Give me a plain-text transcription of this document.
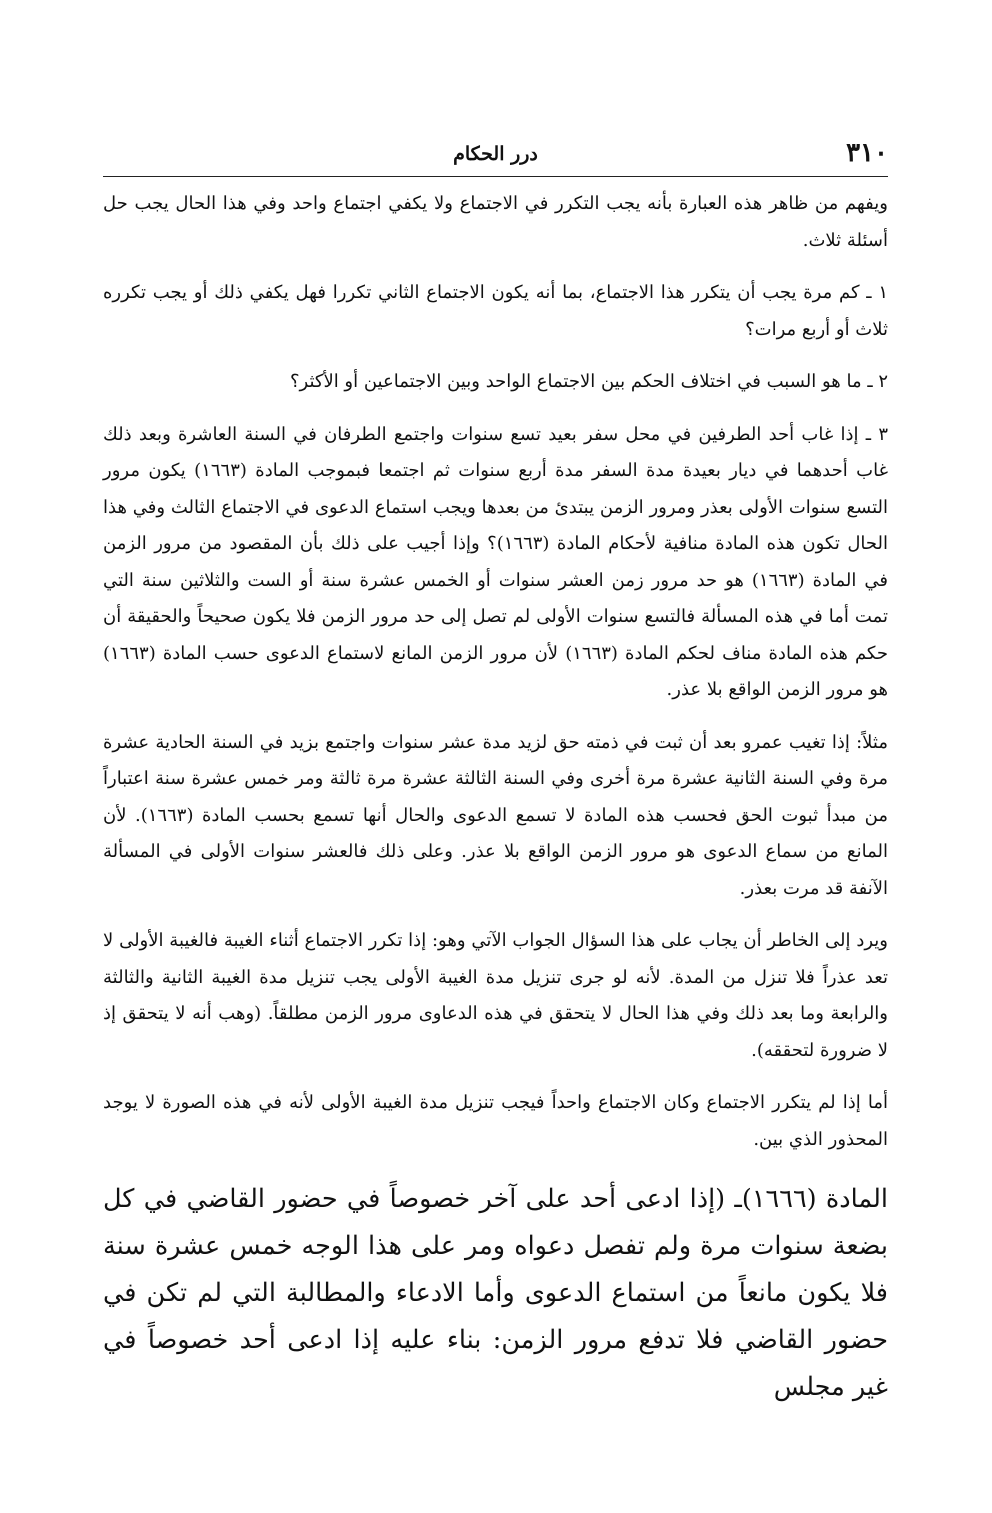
٣١٠
درر الحكام

ويفهم من ظاهر هذه العبارة بأنه يجب التكرر في الاجتماع ولا يكفي اجتماع واحد وفي هذا الحال يجب حل أسئلة ثلاث.

١ ـ كم مرة يجب أن يتكرر هذا الاجتماع، بما أنه يكون الاجتماع الثاني تكررا فهل يكفي ذلك أو يجب تكرره ثلاث أو أربع مرات؟

٢ ـ ما هو السبب في اختلاف الحكم بين الاجتماع الواحد وبين الاجتماعين أو الأكثر؟

٣ ـ إذا غاب أحد الطرفين في محل سفر بعيد تسع سنوات واجتمع الطرفان في السنة العاشرة وبعد ذلك غاب أحدهما في ديار بعيدة مدة السفر مدة أربع سنوات ثم اجتمعا فبموجب المادة (١٦٦٣) يكون مرور التسع سنوات الأولى بعذر ومرور الزمن يبتدئ من بعدها ويجب استماع الدعوى في الاجتماع الثالث وفي هذا الحال تكون هذه المادة منافية لأحكام المادة (١٦٦٣)؟ وإذا أجيب على ذلك بأن المقصود من مرور الزمن في المادة (١٦٦٣) هو حد مرور زمن العشر سنوات أو الخمس عشرة سنة أو الست والثلاثين سنة التي تمت أما في هذه المسألة فالتسع سنوات الأولى لم تصل إلى حد مرور الزمن فلا يكون صحيحاً والحقيقة أن حكم هذه المادة مناف لحكم المادة (١٦٦٣) لأن مرور الزمن المانع لاستماع الدعوى حسب المادة (١٦٦٣) هو مرور الزمن الواقع بلا عذر.

مثلاً: إذا تغيب عمرو بعد أن ثبت في ذمته حق لزيد مدة عشر سنوات واجتمع بزيد في السنة الحادية عشرة مرة وفي السنة الثانية عشرة مرة أخرى وفي السنة الثالثة عشرة مرة ثالثة ومر خمس عشرة سنة اعتباراً من مبدأ ثبوت الحق فحسب هذه المادة لا تسمع الدعوى والحال أنها تسمع بحسب المادة (١٦٦٣). لأن المانع من سماع الدعوى هو مرور الزمن الواقع بلا عذر. وعلى ذلك فالعشر سنوات الأولى في المسألة الآنفة قد مرت بعذر.

ويرد إلى الخاطر أن يجاب على هذا السؤال الجواب الآتي وهو: إذا تكرر الاجتماع أثناء الغيبة فالغيبة الأولى لا تعد عذراً فلا تنزل من المدة. لأنه لو جرى تنزيل مدة الغيبة الأولى يجب تنزيل مدة الغيبة الثانية والثالثة والرابعة وما بعد ذلك وفي هذا الحال لا يتحقق في هذه الدعاوى مرور الزمن مطلقاً. (وهب أنه لا يتحقق إذ لا ضرورة لتحققه).

أما إذا لم يتكرر الاجتماع وكان الاجتماع واحداً فيجب تنزيل مدة الغيبة الأولى لأنه في هذه الصورة لا يوجد المحذور الذي بين.

المادة (١٦٦٦)ـ (إذا ادعى أحد على آخر خصوصاً في حضور القاضي في كل بضعة سنوات مرة ولم تفصل دعواه ومر على هذا الوجه خمس عشرة سنة فلا يكون مانعاً من استماع الدعوى وأما الادعاء والمطالبة التي لم تكن في حضور القاضي فلا تدفع مرور الزمن: بناء عليه إذا ادعى أحد خصوصاً في غير مجلس
